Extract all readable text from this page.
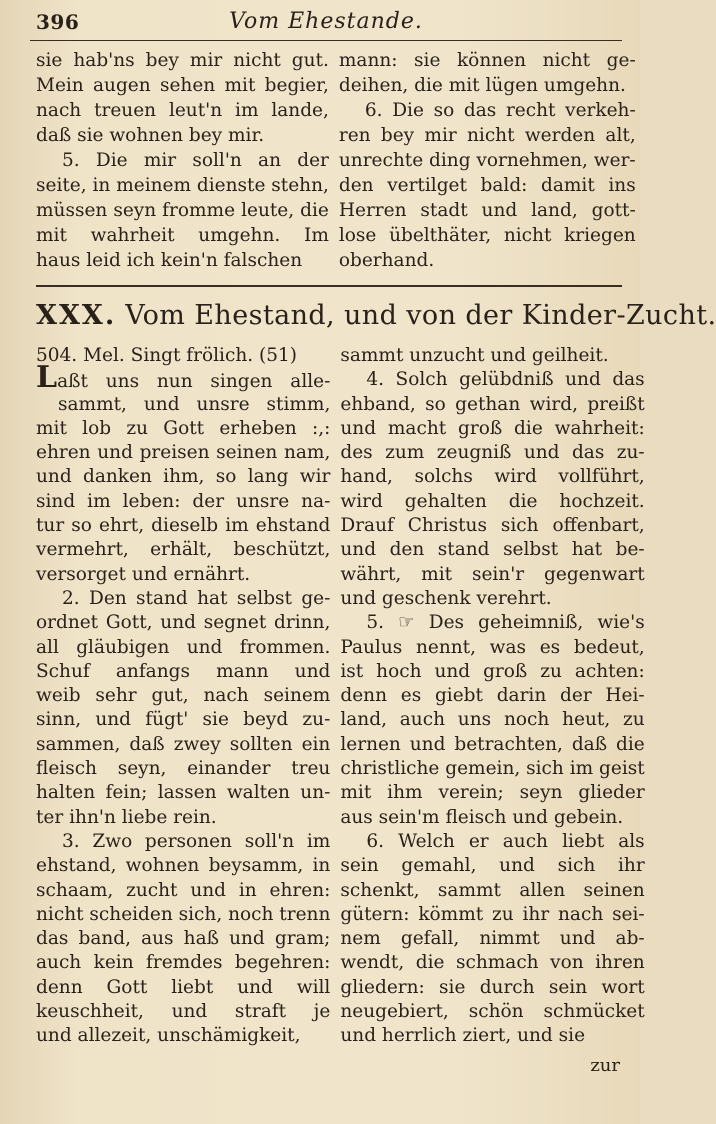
396	Vom Ehestande.
sie hab'ns bey mir nicht gut.
Mein augen sehen mit begier,
nach treuen leut'n im lande,
daß sie wohnen bey mir.
5. Die mir soll'n an der
seite, in meinem dienste stehn,
müssen seyn fromme leute, die
mit wahrheit umgehn. Im
haus leid ich kein'n falschen
mann: sie können nicht ge-
deihen, die mit lügen umgehn.
6. Die so das recht verkeh-
ren bey mir nicht werden alt,
unrechte ding vornehmen, wer-
den vertilget bald: damit ins
Herren stadt und land, gott-
lose übelthäter, nicht kriegen
oberhand.
XXX. Vom Ehestand, und von der Kinder-Zucht.
504. Mel. Singt frölich. (51)
Laßt uns nun singen alle-
sammt, und unsre stimm,
mit lob zu Gott erheben :,:
ehren und preisen seinen nam,
und danken ihm, so lang wir
sind im leben: der unsre na-
tur so ehrt, dieselb im ehstand
vermehrt, erhält, beschützt,
versorget und ernährt.
2. Den stand hat selbst ge-
ordnet Gott, und segnet drinn,
all gläubigen und frommen.
Schuf anfangs mann und
weib sehr gut, nach seinem
sinn, und fügt' sie beyd zu-
sammen, daß zwey sollten ein
fleisch seyn, einander treu
halten fein; lassen walten un-
ter ihn'n liebe rein.
3. Zwo personen soll'n im
ehstand, wohnen beysamm, in
schaam, zucht und in ehren:
nicht scheiden sich, noch trenn
das band, aus haß und gram;
auch kein fremdes begehren:
denn Gott liebt und will
keuschheit, und straft je
und allezeit, unschämigkeit,
sammt unzucht und geilheit.
4. Solch gelübdniß und das
ehband, so gethan wird, preißt
und macht groß die wahrheit:
des zum zeugniß und das zu-
hand, solchs wird vollführt,
wird gehalten die hochzeit.
Drauf Christus sich offenbart,
und den stand selbst hat be-
währt, mit sein'r gegenwart
und geschenk verehrt.
5. ☞ Des geheimniß, wie's
Paulus nennt, was es bedeut,
ist hoch und groß zu achten:
denn es giebt darin der Hei-
land, auch uns noch heut, zu
lernen und betrachten, daß die
christliche gemein, sich im geist
mit ihm verein; seyn glieder
aus sein'm fleisch und gebein.
6. Welch er auch liebt als
sein gemahl, und sich ihr
schenkt, sammt allen seinen
gütern: kömmt zu ihr nach sei-
nem gefall, nimmt und ab-
wendt, die schmach von ihren
gliedern: sie durch sein wort
neugebiert, schön schmücket
und herrlich ziert, und sie
zur
